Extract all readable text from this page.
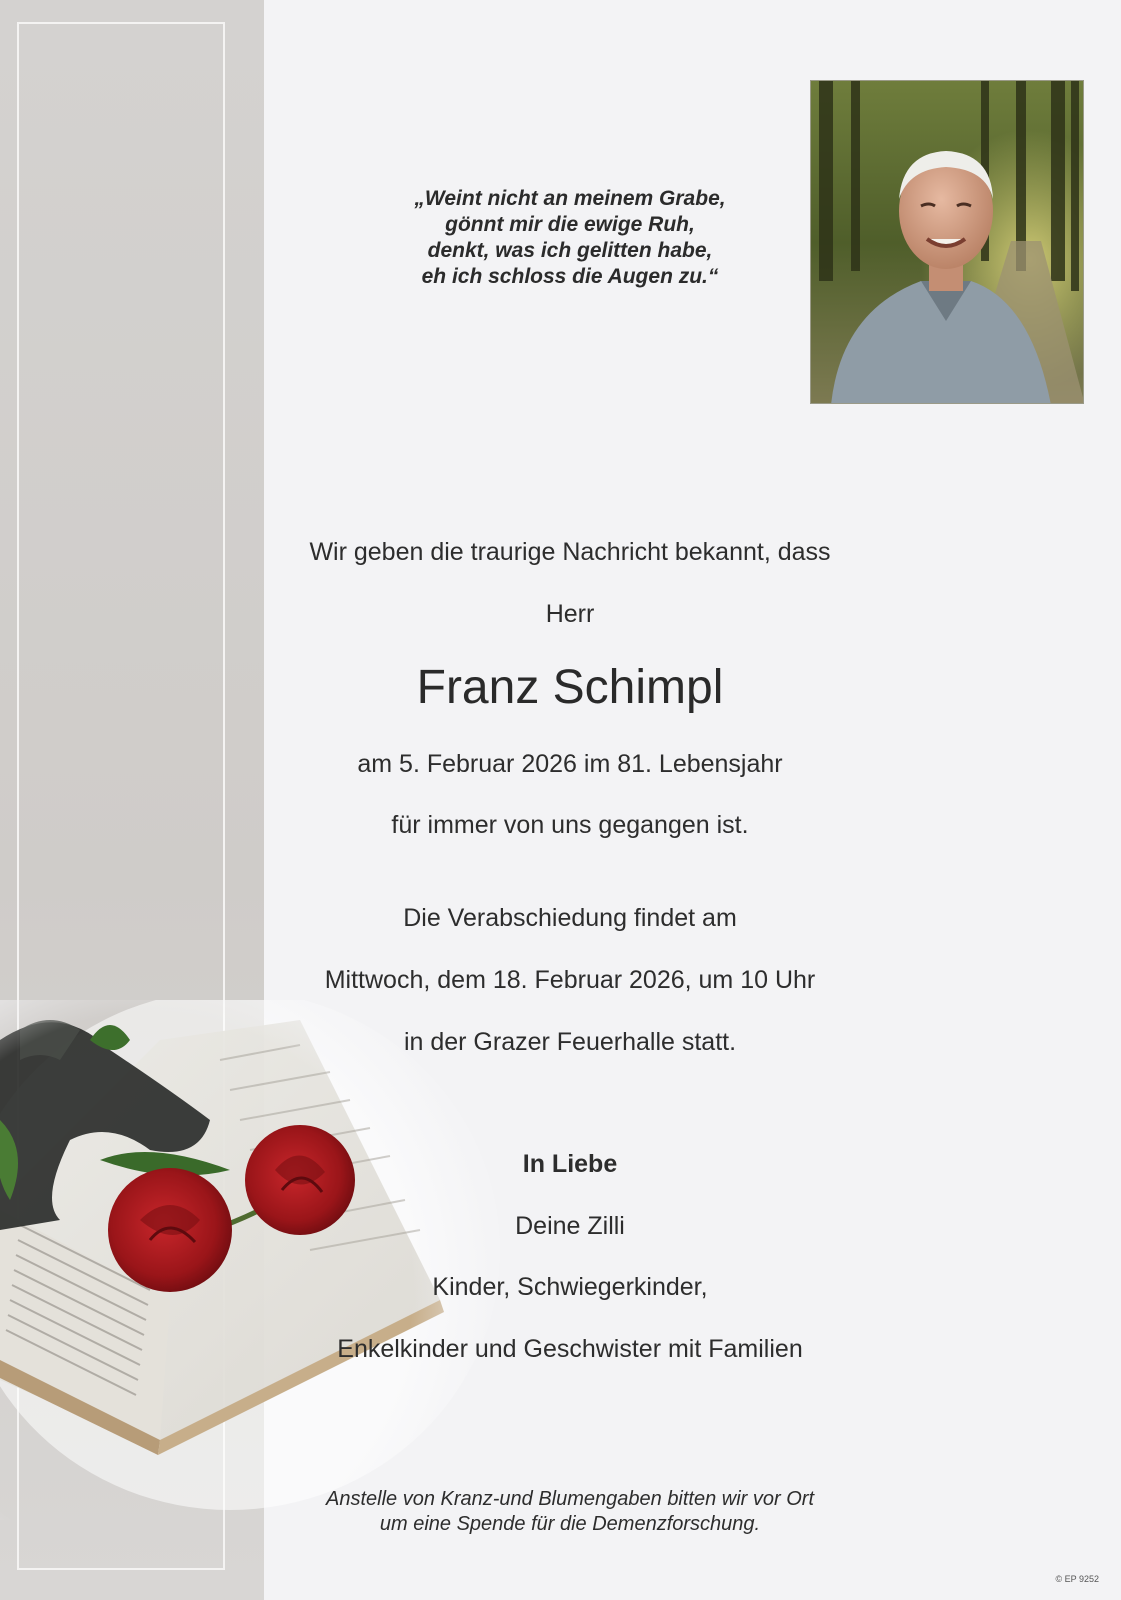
„Weint nicht an meinem Grabe,
gönnt mir die ewige Ruh,
denkt, was ich gelitten habe,
eh ich schloss die Augen zu.“
Wir geben die traurige Nachricht bekannt, dass
Herr
Franz Schimpl
am 5. Februar 2026 im 81. Lebensjahr
für immer von uns gegangen ist.
Die Verabschiedung findet am
Mittwoch, dem 18. Februar 2026, um 10 Uhr
in der Grazer Feuerhalle statt.
In Liebe
Deine Zilli
Kinder, Schwiegerkinder,
Enkelkinder und Geschwister mit Familien
Anstelle von Kranz-und Blumengaben bitten wir vor Ort
um eine Spende für die Demenzforschung.
© EP 9252
